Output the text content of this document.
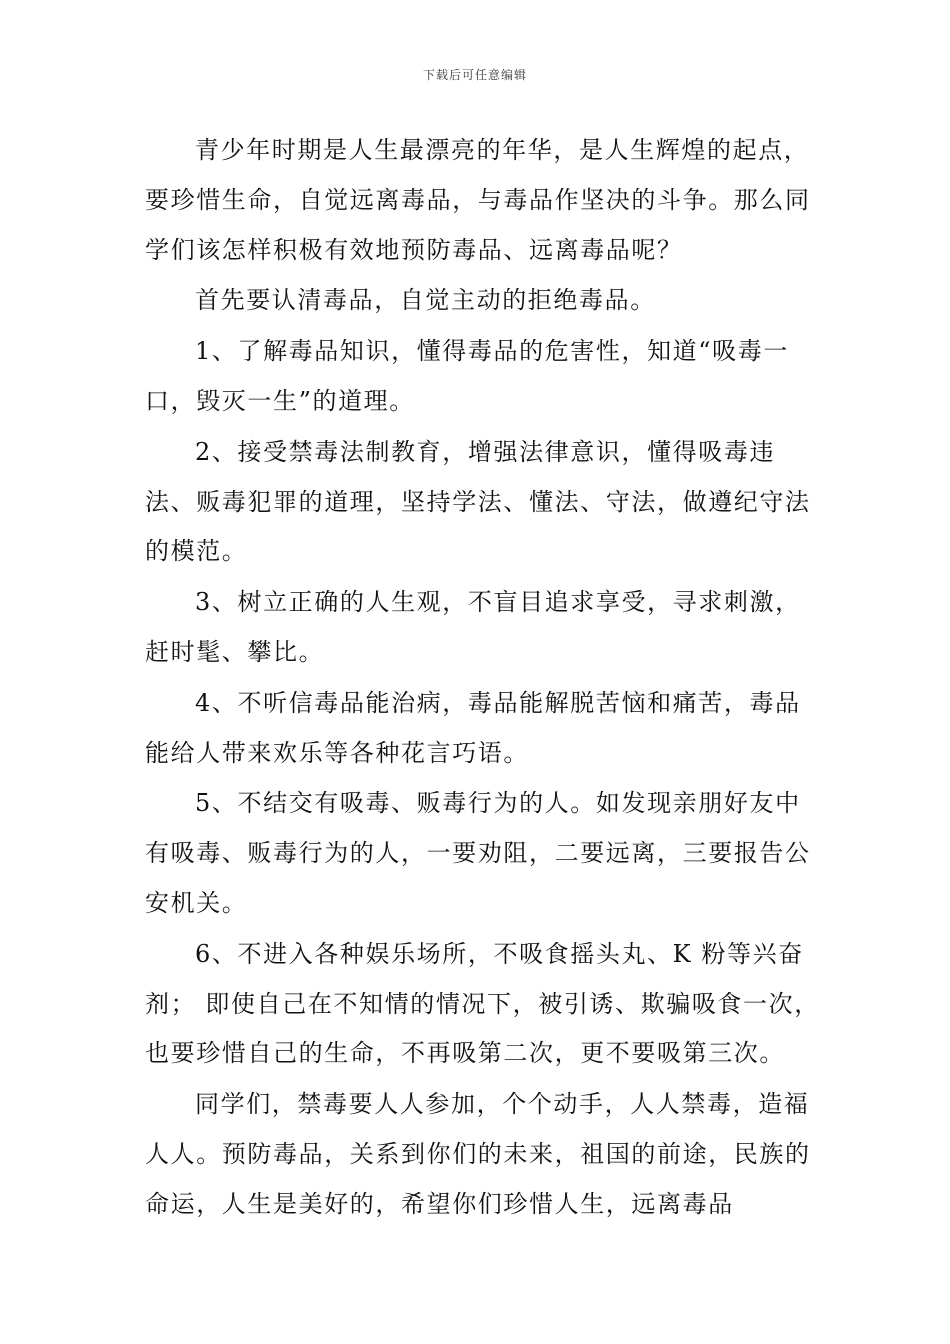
下载后可任意编辑

青少年时期是人生最漂亮的年华，是人生辉煌的起点，要珍惜生命，自觉远离毒品，与毒品作坚决的斗争。那么同学们该怎样积极有效地预防毒品、远离毒品呢？

首先要认清毒品，自觉主动的拒绝毒品。

1、了解毒品知识，懂得毒品的危害性，知道“吸毒一口，毁灭一生”的道理。

2、接受禁毒法制教育，增强法律意识，懂得吸毒违法、贩毒犯罪的道理，坚持学法、懂法、守法，做遵纪守法的模范。

3、树立正确的人生观，不盲目追求享受，寻求刺激，赶时髦、攀比。

4、不听信毒品能治病，毒品能解脱苦恼和痛苦，毒品能给人带来欢乐等各种花言巧语。

5、不结交有吸毒、贩毒行为的人。如发现亲朋好友中有吸毒、贩毒行为的人，一要劝阻，二要远离，三要报告公安机关。

6、不进入各种娱乐场所，不吸食摇头丸、K 粉等兴奋剂； 即使自己在不知情的情况下，被引诱、欺骗吸食一次，也要珍惜自己的生命，不再吸第二次，更不要吸第三次。

同学们，禁毒要人人参加，个个动手，人人禁毒，造福人人。预防毒品，关系到你们的未来，祖国的前途，民族的命运，人生是美好的，希望你们珍惜人生，远离毒品
